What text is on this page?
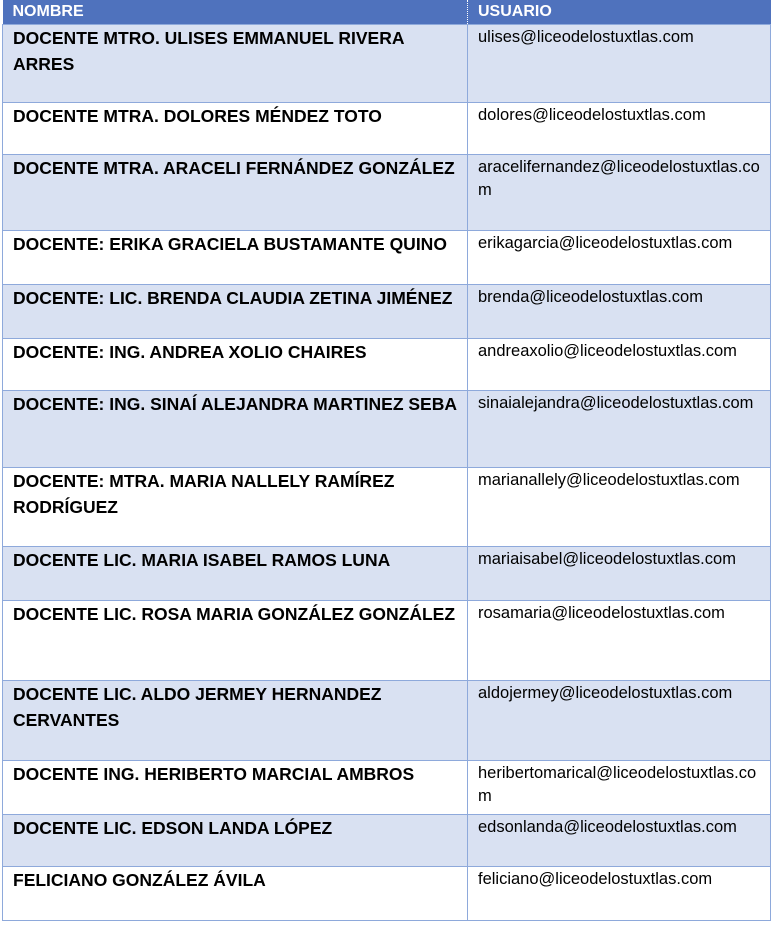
NOMBRE	USUARIO
DOCENTE MTRO. ULISES EMMANUEL RIVERA ARRES	ulises@liceodelostuxtlas.com
DOCENTE MTRA. DOLORES MÉNDEZ TOTO	dolores@liceodelostuxtlas.com
DOCENTE MTRA. ARACELI FERNÁNDEZ GONZÁLEZ	aracelifernandez@liceodelostuxtlas.com
DOCENTE: ERIKA GRACIELA BUSTAMANTE QUINO	erikagarcia@liceodelostuxtlas.com
DOCENTE: LIC. BRENDA CLAUDIA ZETINA JIMÉNEZ	brenda@liceodelostuxtlas.com
DOCENTE: ING. ANDREA XOLIO CHAIRES	andreaxolio@liceodelostuxtlas.com
DOCENTE: ING. SINAÍ ALEJANDRA MARTINEZ SEBA	sinaialejandra@liceodelostuxtlas.com
DOCENTE: MTRA. MARIA NALLELY RAMÍREZ RODRÍGUEZ	marianallely@liceodelostuxtlas.com
DOCENTE LIC. MARIA ISABEL RAMOS LUNA	mariaisabel@liceodelostuxtlas.com
DOCENTE LIC. ROSA MARIA GONZÁLEZ GONZÁLEZ	rosamaria@liceodelostuxtlas.com
DOCENTE LIC. ALDO JERMEY HERNANDEZ CERVANTES	aldojermey@liceodelostuxtlas.com
DOCENTE ING. HERIBERTO MARCIAL AMBROS	heribertomarical@liceodelostuxtlas.com
DOCENTE LIC. EDSON LANDA LÓPEZ	edsonlanda@liceodelostuxtlas.com
FELICIANO GONZÁLEZ ÁVILA	feliciano@liceodelostuxtlas.com
